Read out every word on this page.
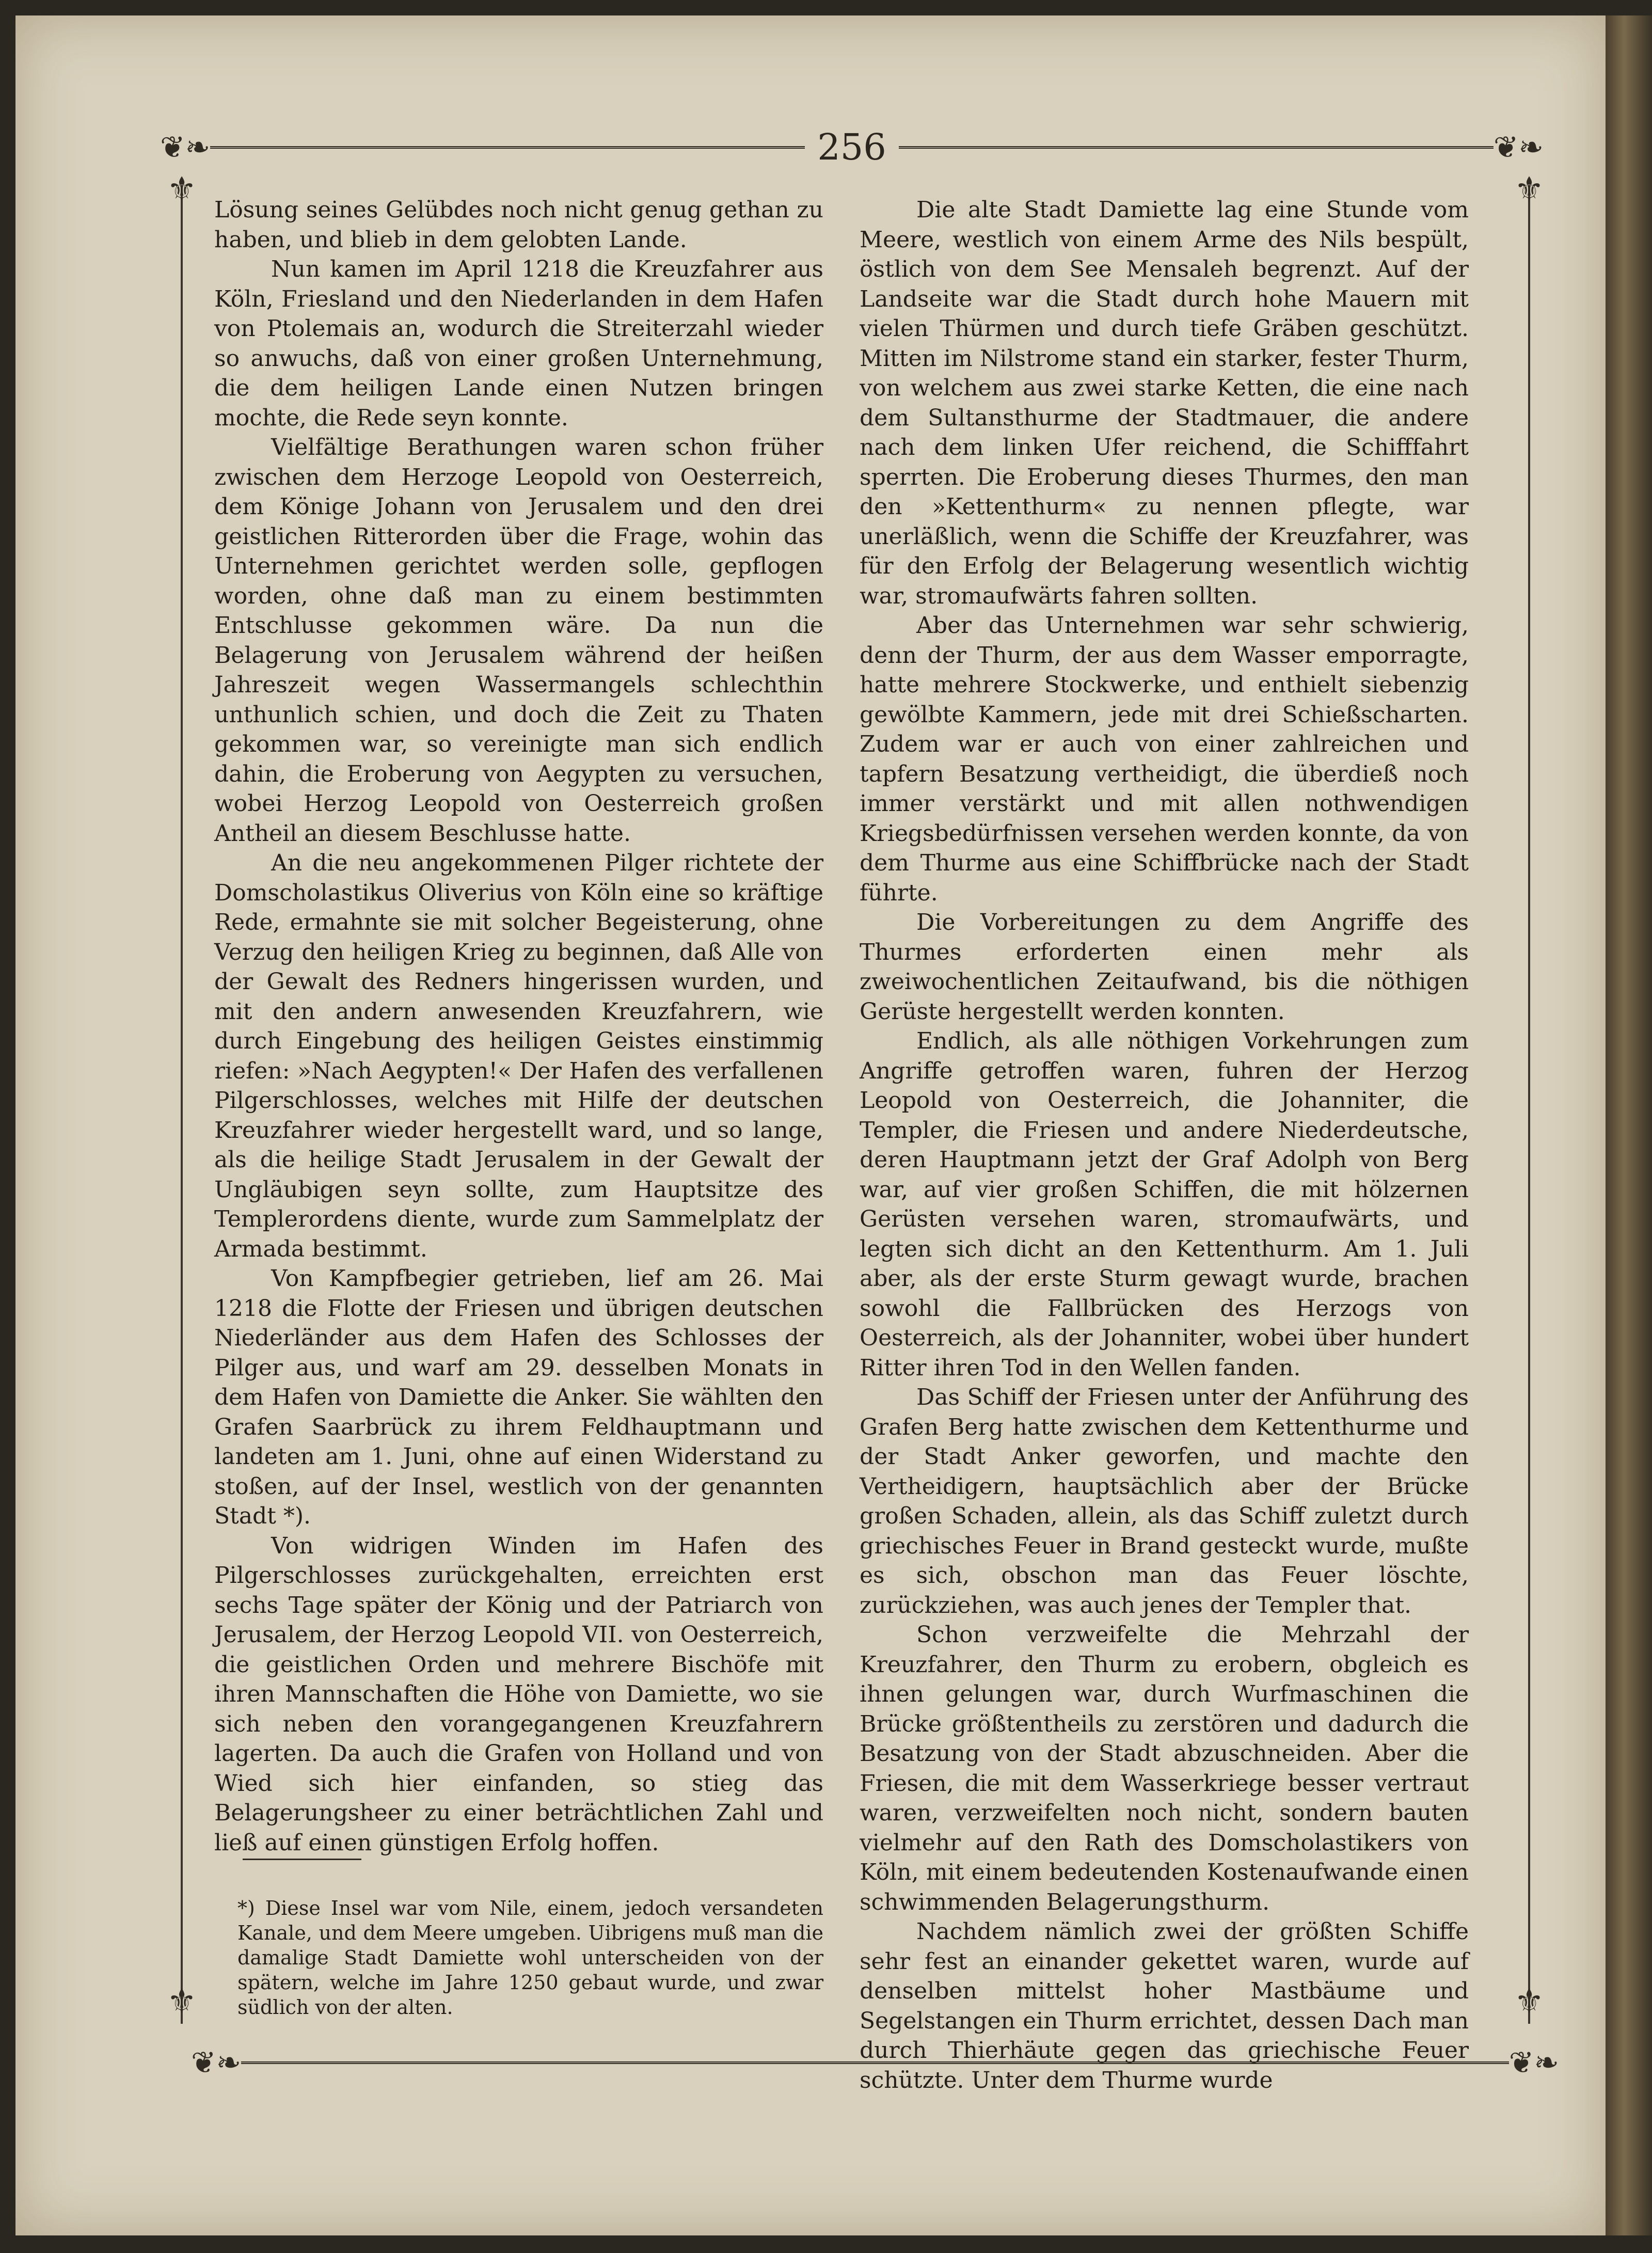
❦❧	256	❦❧
⚜	⚜
⚜	⚜

Lösung seines Gelübdes noch nicht genug gethan zu haben, und blieb in dem gelobten Lande.

Nun kamen im April 1218 die Kreuzfahrer aus Köln, Friesland und den Niederlanden in dem Hafen von Ptolemais an, wodurch die Streiterzahl wieder so anwuchs, daß von einer großen Unternehmung, die dem heiligen Lande einen Nutzen bringen mochte, die Rede seyn konnte.

Vielfältige Berathungen waren schon früher zwischen dem Herzoge Leopold von Oesterreich, dem Könige Johann von Jerusalem und den drei geistlichen Ritterorden über die Frage, wohin das Unternehmen gerichtet werden solle, gepflogen worden, ohne daß man zu einem bestimmten Entschlusse gekommen wäre. Da nun die Belagerung von Jerusalem während der heißen Jahreszeit wegen Wassermangels schlechthin unthunlich schien, und doch die Zeit zu Thaten gekommen war, so vereinigte man sich endlich dahin, die Eroberung von Aegypten zu versuchen, wobei Herzog Leopold von Oesterreich großen Antheil an diesem Beschlusse hatte.

An die neu angekommenen Pilger richtete der Domscholastikus Oliverius von Köln eine so kräftige Rede, ermahnte sie mit solcher Begeisterung, ohne Verzug den heiligen Krieg zu beginnen, daß Alle von der Gewalt des Redners hingerissen wurden, und mit den andern anwesenden Kreuzfahrern, wie durch Eingebung des heiligen Geistes einstimmig riefen: »Nach Aegypten!« Der Hafen des verfallenen Pilgerschlosses, welches mit Hilfe der deutschen Kreuzfahrer wieder hergestellt ward, und so lange, als die heilige Stadt Jerusalem in der Gewalt der Ungläubigen seyn sollte, zum Hauptsitze des Templerordens diente, wurde zum Sammelplatz der Armada bestimmt.

Von Kampfbegier getrieben, lief am 26. Mai 1218 die Flotte der Friesen und übrigen deutschen Niederländer aus dem Hafen des Schlosses der Pilger aus, und warf am 29. desselben Monats in dem Hafen von Damiette die Anker. Sie wählten den Grafen Saarbrück zu ihrem Feldhauptmann und landeten am 1. Juni, ohne auf einen Widerstand zu stoßen, auf der Insel, westlich von der genannten Stadt *).

Von widrigen Winden im Hafen des Pilgerschlosses zurückgehalten, erreichten erst sechs Tage später der König und der Patriarch von Jerusalem, der Herzog Leopold VII. von Oesterreich, die geistlichen Orden und mehrere Bischöfe mit ihren Mannschaften die Höhe von Damiette, wo sie sich neben den vorangegangenen Kreuzfahrern lagerten. Da auch die Grafen von Holland und von Wied sich hier einfanden, so stieg das Belagerungsheer zu einer beträchtlichen Zahl und ließ auf einen günstigen Erfolg hoffen.

Die alte Stadt Damiette lag eine Stunde vom Meere, westlich von einem Arme des Nils bespült, östlich von dem See Mensaleh begrenzt. Auf der Landseite war die Stadt durch hohe Mauern mit vielen Thürmen und durch tiefe Gräben geschützt. Mitten im Nilstrome stand ein starker, fester Thurm, von welchem aus zwei starke Ketten, die eine nach dem Sultansthurme der Stadtmauer, die andere nach dem linken Ufer reichend, die Schifffahrt sperrten. Die Eroberung dieses Thurmes, den man den »Kettenthurm« zu nennen pflegte, war unerläßlich, wenn die Schiffe der Kreuzfahrer, was für den Erfolg der Belagerung wesentlich wichtig war, stromaufwärts fahren sollten.

Aber das Unternehmen war sehr schwierig, denn der Thurm, der aus dem Wasser emporragte, hatte mehrere Stockwerke, und enthielt siebenzig gewölbte Kammern, jede mit drei Schießscharten. Zudem war er auch von einer zahlreichen und tapfern Besatzung vertheidigt, die überdieß noch immer verstärkt und mit allen nothwendigen Kriegsbedürfnissen versehen werden konnte, da von dem Thurme aus eine Schiffbrücke nach der Stadt führte.

Die Vorbereitungen zu dem Angriffe des Thurmes erforderten einen mehr als zweiwochentlichen Zeitaufwand, bis die nöthigen Gerüste hergestellt werden konnten.

Endlich, als alle nöthigen Vorkehrungen zum Angriffe getroffen waren, fuhren der Herzog Leopold von Oesterreich, die Johanniter, die Templer, die Friesen und andere Niederdeutsche, deren Hauptmann jetzt der Graf Adolph von Berg war, auf vier großen Schiffen, die mit hölzernen Gerüsten versehen waren, stromaufwärts, und legten sich dicht an den Kettenthurm. Am 1. Juli aber, als der erste Sturm gewagt wurde, brachen sowohl die Fallbrücken des Herzogs von Oesterreich, als der Johanniter, wobei über hundert Ritter ihren Tod in den Wellen fanden.

Das Schiff der Friesen unter der Anführung des Grafen Berg hatte zwischen dem Kettenthurme und der Stadt Anker geworfen, und machte den Vertheidigern, hauptsächlich aber der Brücke großen Schaden, allein, als das Schiff zuletzt durch griechisches Feuer in Brand gesteckt wurde, mußte es sich, obschon man das Feuer löschte, zurückziehen, was auch jenes der Templer that.

Schon verzweifelte die Mehrzahl der Kreuzfahrer, den Thurm zu erobern, obgleich es ihnen gelungen war, durch Wurfmaschinen die Brücke größtentheils zu zerstören und dadurch die Besatzung von der Stadt abzuschneiden. Aber die Friesen, die mit dem Wasserkriege besser vertraut waren, verzweifelten noch nicht, sondern bauten vielmehr auf den Rath des Domscholastikers von Köln, mit einem bedeutenden Kostenaufwande einen schwimmenden Belagerungsthurm.

Nachdem nämlich zwei der größten Schiffe sehr fest an einander gekettet waren, wurde auf denselben mittelst hoher Mastbäume und Segelstangen ein Thurm errichtet, dessen Dach man durch Thierhäute gegen das griechische Feuer schützte. Unter dem Thurme wurde

*) Diese Insel war vom Nile, einem, jedoch versandeten Kanale, und dem Meere umgeben. Uibrigens muß man die damalige Stadt Damiette wohl unterscheiden von der spätern, welche im Jahre 1250 gebaut wurde, und zwar südlich von der alten.
❦❧	❦❧
